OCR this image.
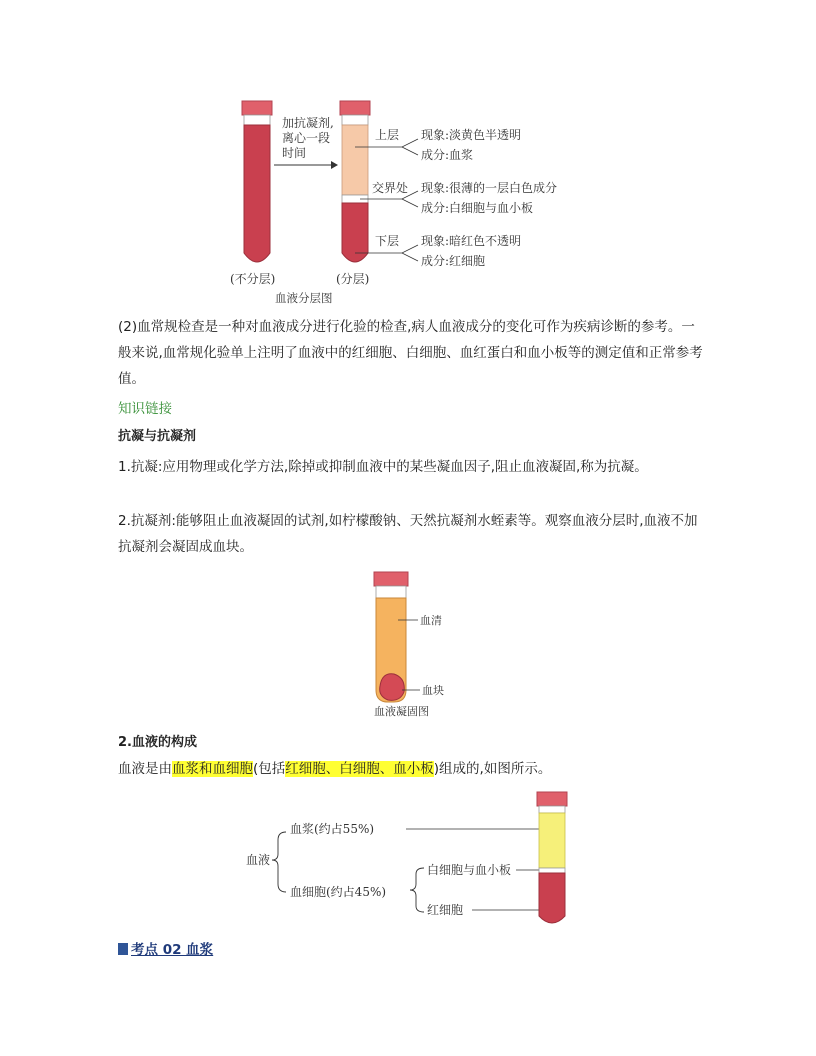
加抗凝剂,
离心一段
时间
上层 现象:淡黄色半透明
成分:血浆
交界处 现象:很薄的一层白色成分
成分:白细胞与血小板
下层 现象:暗红色不透明
成分:红细胞
(不分层)	(分层)
血液分层图
(2)血常规检查是一种对血液成分进行化验的检查,病人血液成分的变化可作为疾病诊断的参考。一般来说,血常规化验单上注明了血液中的红细胞、白细胞、血红蛋白和血小板等的测定值和正常参考值。
知识链接
抗凝与抗凝剂
1.抗凝:应用物理或化学方法,除掉或抑制血液中的某些凝血因子,阻止血液凝固,称为抗凝。
2.抗凝剂:能够阻止血液凝固的试剂,如柠檬酸钠、天然抗凝剂水蛭素等。观察血液分层时,血液不加抗凝剂会凝固成血块。
血清
血块
血液凝固图
2.血液的构成
血液是由血浆和血细胞(包括红细胞、白细胞、血小板)组成的,如图所示。
血液
血浆(约占55%)
血细胞(约占45%)
白细胞与血小板
红细胞
考点 02 血浆
